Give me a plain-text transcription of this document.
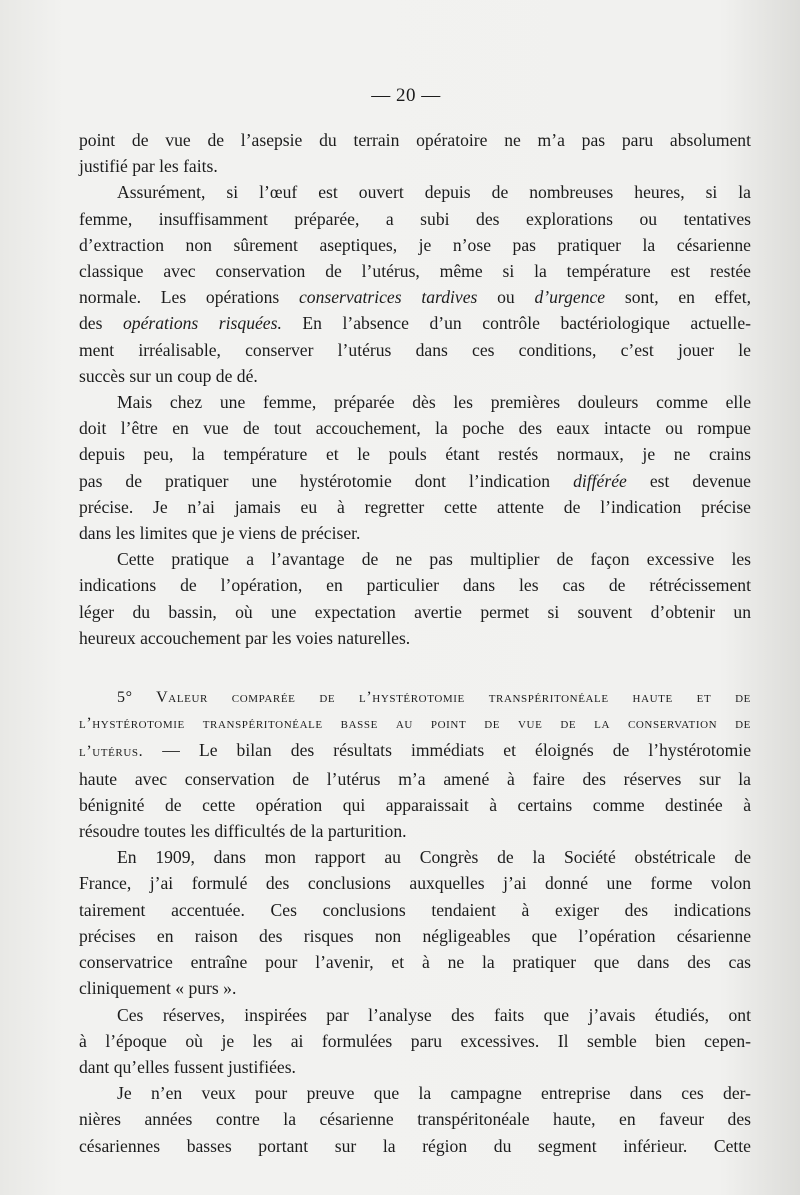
— 20 —
point de vue de l’asepsie du terrain opératoire ne m’a pas paru absolument
justifié par les faits.
Assurément, si l’œuf est ouvert depuis de nombreuses heures, si la
femme, insuffisamment préparée, a subi des explorations ou tentatives
d’extraction non sûrement aseptiques, je n’ose pas pratiquer la césarienne
classique avec conservation de l’utérus, même si la température est restée
normale. Les opérations conservatrices tardives ou d’urgence sont, en effet,
des opérations risquées. En l’absence d’un contrôle bactériologique actuelle-
ment irréalisable, conserver l’utérus dans ces conditions, c’est jouer le
succès sur un coup de dé.
Mais chez une femme, préparée dès les premières douleurs comme elle
doit l’être en vue de tout accouchement, la poche des eaux intacte ou rompue
depuis peu, la température et le pouls étant restés normaux, je ne crains
pas de pratiquer une hystérotomie dont l’indication différée est devenue
précise. Je n’ai jamais eu à regretter cette attente de l’indication précise
dans les limites que je viens de préciser.
Cette pratique a l’avantage de ne pas multiplier de façon excessive les
indications de l’opération, en particulier dans les cas de rétrécissement
léger du bassin, où une expectation avertie permet si souvent d’obtenir un
heureux accouchement par les voies naturelles.
5° Valeur comparée de l’hystérotomie transpéritonéale haute et de
l’hystérotomie transpéritonéale basse au point de vue de la conservation de
l’utérus. — Le bilan des résultats immédiats et éloignés de l’hystérotomie
haute avec conservation de l’utérus m’a amené à faire des réserves sur la
bénignité de cette opération qui apparaissait à certains comme destinée à
résoudre toutes les difficultés de la parturition.
En 1909, dans mon rapport au Congrès de la Société obstétricale de
France, j’ai formulé des conclusions auxquelles j’ai donné une forme volon
tairement accentuée. Ces conclusions tendaient à exiger des indications
précises en raison des risques non négligeables que l’opération césarienne
conservatrice entraîne pour l’avenir, et à ne la pratiquer que dans des cas
cliniquement « purs ».
Ces réserves, inspirées par l’analyse des faits que j’avais étudiés, ont
à l’époque où je les ai formulées paru excessives. Il semble bien cepen-
dant qu’elles fussent justifiées.
Je n’en veux pour preuve que la campagne entreprise dans ces der-
nières années contre la césarienne transpéritonéale haute, en faveur des
césariennes basses portant sur la région du segment inférieur. Cette
